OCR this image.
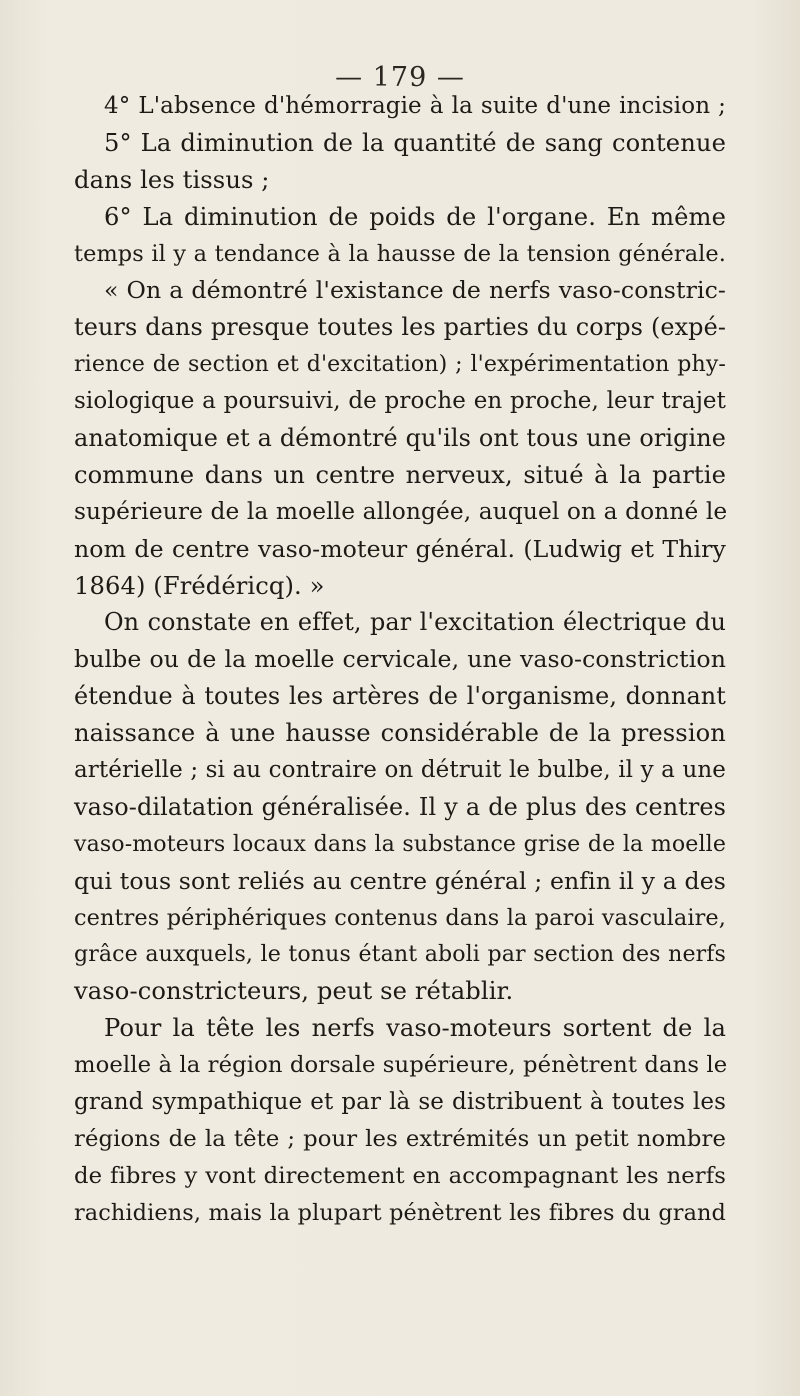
— 179 —
4° L'absence d'hémorragie à la suite d'une incision ;
5° La diminution de la quantité de sang contenue
dans les tissus ;
6° La diminution de poids de l'organe. En même
temps il y a tendance à la hausse de la tension générale.
« On a démontré l'existance de nerfs vaso-constric-
teurs dans presque toutes les parties du corps (expé-
rience de section et d'excitation) ; l'expérimentation phy-
siologique a poursuivi, de proche en proche, leur trajet
anatomique et a démontré qu'ils ont tous une origine
commune dans un centre nerveux, situé à la partie
supérieure de la moelle allongée, auquel on a donné le
nom de centre vaso-moteur général. (Ludwig et Thiry
1864) (Frédéricq). »
On constate en effet, par l'excitation électrique du
bulbe ou de la moelle cervicale, une vaso-constriction
étendue à toutes les artères de l'organisme, donnant
naissance à une hausse considérable de la pression
artérielle ; si au contraire on détruit le bulbe, il y a une
vaso-dilatation généralisée. Il y a de plus des centres
vaso-moteurs locaux dans la substance grise de la moelle
qui tous sont reliés au centre général ; enfin il y a des
centres périphériques contenus dans la paroi vasculaire,
grâce auxquels, le tonus étant aboli par section des nerfs
vaso-constricteurs, peut se rétablir.
Pour la tête les nerfs vaso-moteurs sortent de la
moelle à la région dorsale supérieure, pénètrent dans le
grand sympathique et par là se distribuent à toutes les
régions de la tête ; pour les extrémités un petit nombre
de fibres y vont directement en accompagnant les nerfs
rachidiens, mais la plupart pénètrent les fibres du grand
